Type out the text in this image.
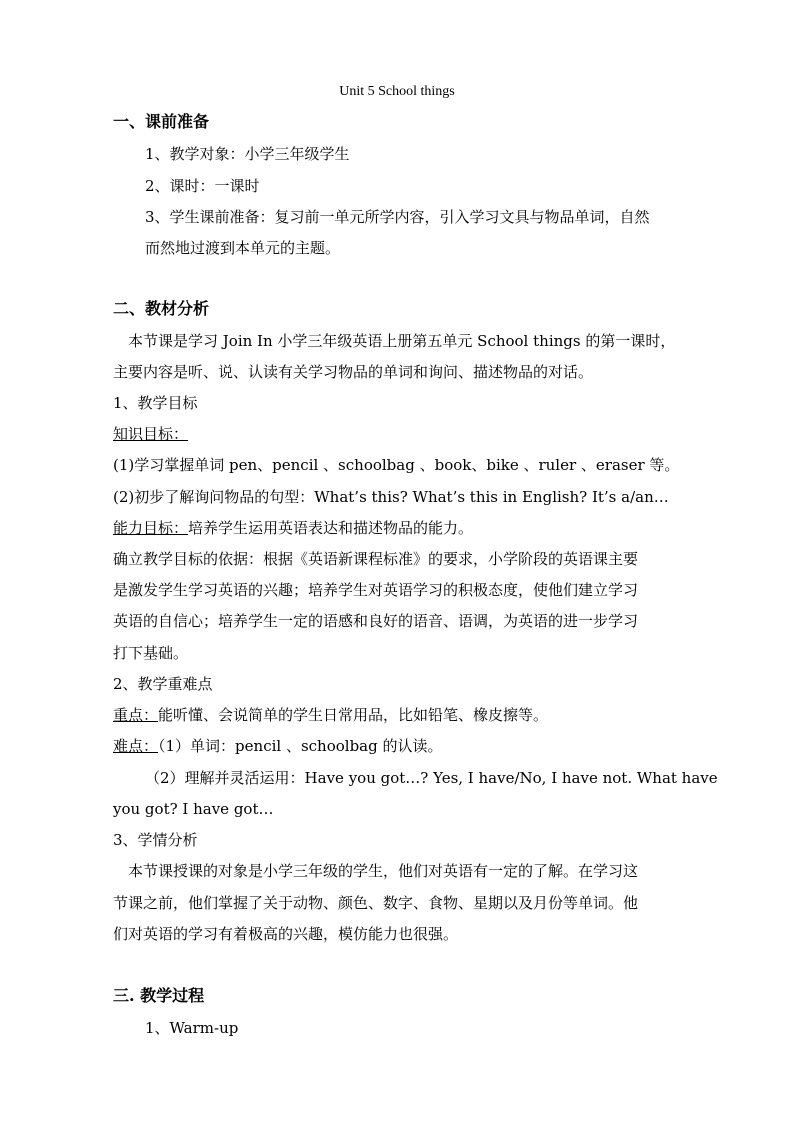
Unit 5 School things
一、课前准备
1、教学对象：小学三年级学生
2、课时：一课时
3、学生课前准备：复习前一单元所学内容，引入学习文具与物品单词，自然
而然地过渡到本单元的主题。
二、教材分析
本节课是学习 Join In 小学三年级英语上册第五单元 School things 的第一课时，
主要内容是听、说、认读有关学习物品的单词和询问、描述物品的对话。
1、教学目标
知识目标：
(1)学习掌握单词 pen、pencil 、schoolbag 、book、bike 、ruler 、eraser 等。
(2)初步了解询问物品的句型：What’s this? What’s this in English? It’s a/an…
能力目标：培养学生运用英语表达和描述物品的能力。
确立教学目标的依据：根据《英语新课程标准》的要求，小学阶段的英语课主要
是激发学生学习英语的兴趣；培养学生对英语学习的积极态度，使他们建立学习
英语的自信心；培养学生一定的语感和良好的语音、语调，为英语的进一步学习
打下基础。
2、教学重难点
重点：能听懂、会说简单的学生日常用品，比如铅笔、橡皮擦等。
难点：（1）单词：pencil 、schoolbag 的认读。
（2）理解并灵活运用：Have you got…? Yes, I have/No, I have not. What have
you got? I have got…
3、学情分析
本节课授课的对象是小学三年级的学生，他们对英语有一定的了解。在学习这
节课之前，他们掌握了关于动物、颜色、数字、食物、星期以及月份等单词。他
们对英语的学习有着极高的兴趣，模仿能力也很强。
三. 教学过程
1、Warm-up
